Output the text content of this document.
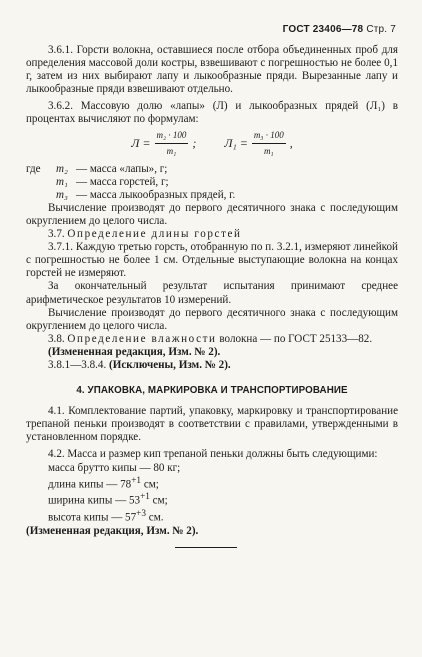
ГОСТ 23406—78 Стр. 7

3.6.1. Горсти волокна, оставшиеся после отбора объединенных проб для определения массовой доли костры, взвешивают с погрешностью не более 0,1 г, затем из них выбирают лапу и лыкообразные пряди. Вырезанные лапу и лыкообразные пряди взвешивают отдельно.

3.6.2. Массовую долю «лапы» (Л) и лыкообразных прядей (Л₁) в процентах вычисляют по формулам:

$Л = \frac{\text{m₂ · 100}}{\text{m₁}}$ ; $Л_1 = \frac{\text{m₃ · 100}}{\text{m₁}}$ ,
где	m₂ — масса «лапы», г;
m₁ — масса горстей, г;
m₃ — масса лыкообразных прядей, г.

Вычисление производят до первого десятичного знака с последующим округлением до целого числа.

3.7. Определение длины горстей

3.7.1. Каждую третью горсть, отобранную по п. 3.2.1, измеряют линейкой с погрешностью не более 1 см. Отдельные выступающие волокна на концах горстей не измеряют.

За окончательный результат испытания принимают среднее арифметическое результатов 10 измерений.

Вычисление производят до первого десятичного знака с последующим округлением до целого числа.

3.8. Определение влажности волокна — по ГОСТ 25133—82.

(Измененная редакция, Изм. № 2).

3.8.1—3.8.4. (Исключены, Изм. № 2).

4. УПАКОВКА, МАРКИРОВКА И ТРАНСПОРТИРОВАНИЕ

4.1. Комплектование партий, упаковку, маркировку и транспортирование трепаной пеньки производят в соответствии с правилами, утвержденными в установленном порядке.

4.2. Масса и размер кип трепаной пеньки должны быть следующими:

масса брутто кипы — 80 кг;
длина кипы — $78^{+1}$ см;
ширина кипы — $53^{+1}$ см;
высота кипы — $57^{+3}$ см.

(Измененная редакция, Изм. № 2).
